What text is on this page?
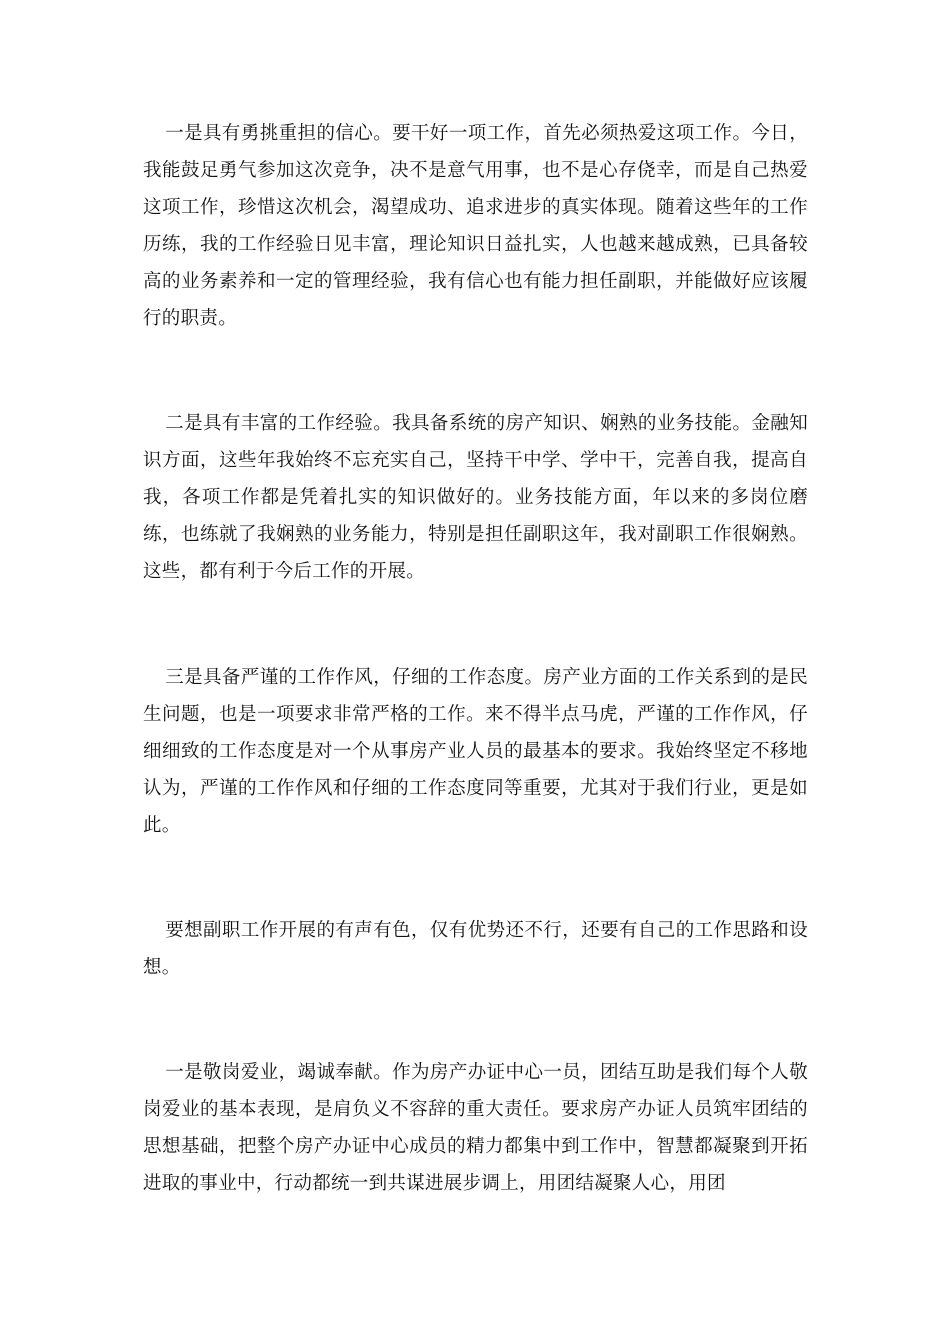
一是具有勇挑重担的信心。要干好一项工作，首先必须热爱这项工作。今日，我能鼓足勇气参加这次竞争，决不是意气用事，也不是心存侥幸，而是自己热爱这项工作，珍惜这次机会，渴望成功、追求进步的真实体现。随着这些年的工作历练，我的工作经验日见丰富，理论知识日益扎实，人也越来越成熟，已具备较高的业务素养和一定的管理经验，我有信心也有能力担任副职，并能做好应该履行的职责。

二是具有丰富的工作经验。我具备系统的房产知识、娴熟的业务技能。金融知识方面，这些年我始终不忘充实自己，坚持干中学、学中干，完善自我，提高自我，各项工作都是凭着扎实的知识做好的。业务技能方面，年以来的多岗位磨练，也练就了我娴熟的业务能力，特别是担任副职这年，我对副职工作很娴熟。这些，都有利于今后工作的开展。

三是具备严谨的工作作风，仔细的工作态度。房产业方面的工作关系到的是民生问题，也是一项要求非常严格的工作。来不得半点马虎，严谨的工作作风，仔细细致的工作态度是对一个从事房产业人员的最基本的要求。我始终坚定不移地认为，严谨的工作作风和仔细的工作态度同等重要，尤其对于我们行业，更是如此。

要想副职工作开展的有声有色，仅有优势还不行，还要有自己的工作思路和设想。

一是敬岗爱业，竭诚奉献。作为房产办证中心一员，团结互助是我们每个人敬岗爱业的基本表现，是肩负义不容辞的重大责任。要求房产办证人员筑牢团结的思想基础，把整个房产办证中心成员的精力都集中到工作中，智慧都凝聚到开拓进取的事业中，行动都统一到共谋进展步调上，用团结凝聚人心，用团
